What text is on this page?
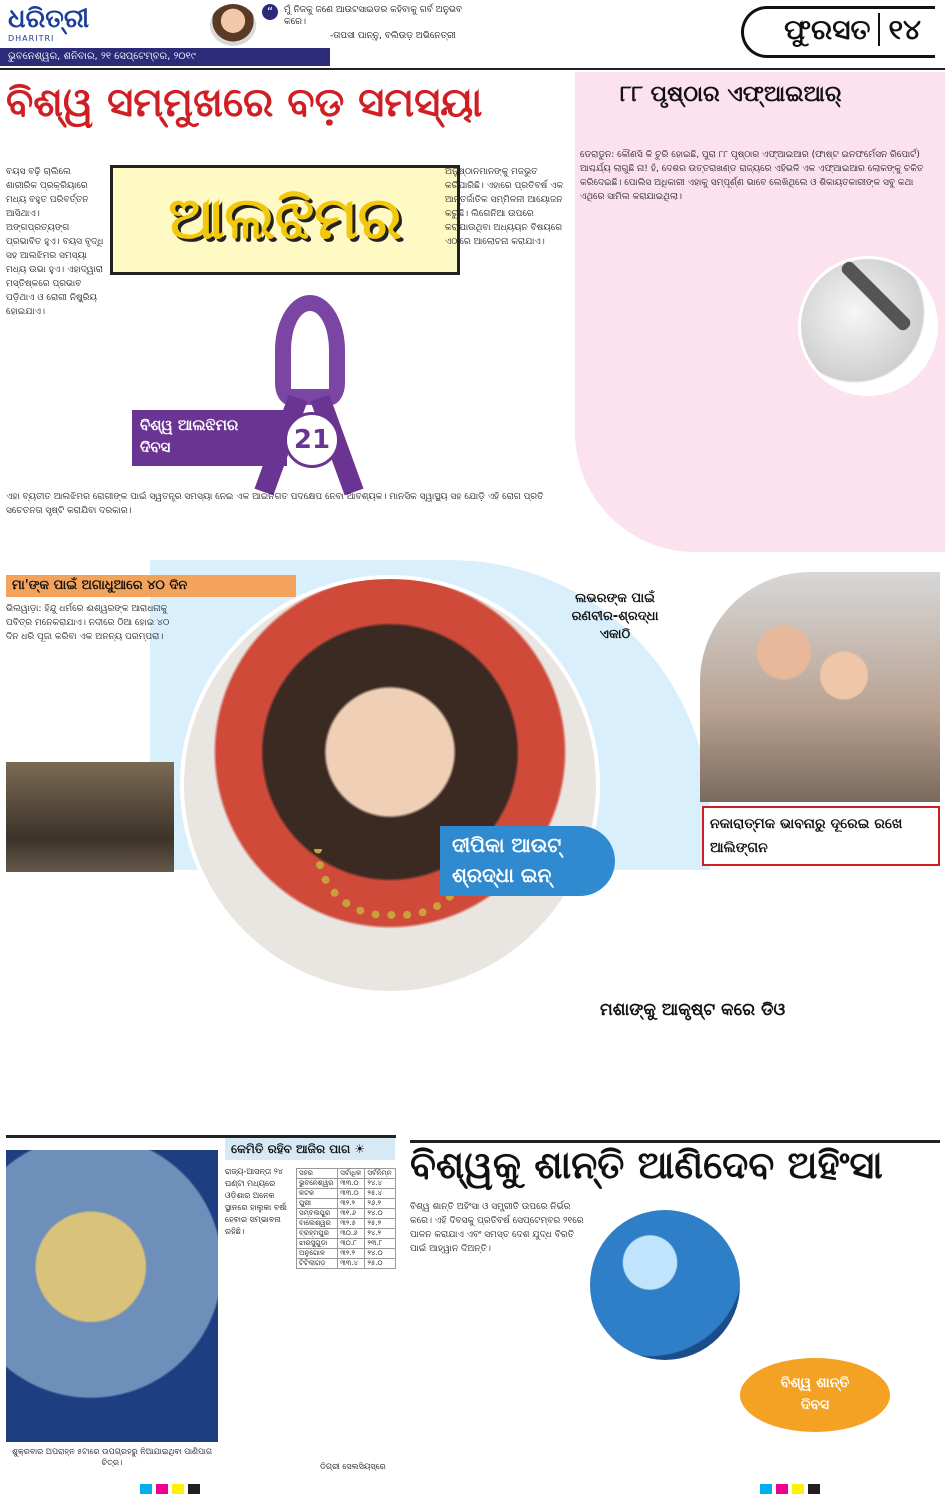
ଧରିତ୍ରୀ
DHARITRI
ଭୁବନେଶ୍ୱର, ଶନିବାର, ୨୧ ସେପ୍ଟେମ୍ବର, ୨୦୧୯
“	ମୁଁ ନିଜକୁ ଜଣେ ଆଉଟସାଇଡର କହିବାକୁ ଗର୍ବ ଅନୁଭବ କରେ।
-ତାପସୀ ପାନ୍ନୁ, ବଲିଉଡ଼ ଅଭିନେତ୍ରୀ	ଫୁରସତ ୧୪
୮୮ ପୃଷ୍ଠାର ଏଫ୍‌ଆଇଆର୍‌
ଡେରାଡୁନ: କୌଣସି କି ଚୁରି ହୋଇଛି, ପୁରା ୮୮ ପୃଷ୍ଠାର ଏଫ୍‌ଆଇଆର (ଫାଷ୍ଟ ଇନଫର୍ମେସନ ରିପୋର୍ଟ) ଆଶ୍ଚର୍ଯ୍ୟ ଲାଗୁଛି ନା! ହଁ, ଦେଶର ଉତ୍ତରାଖଣ୍ଡ ରାଜ୍ୟରେ ଏହିଭଳି ଏକ ଏଫ୍‌ଆଇଆର ଲୋକଙ୍କୁ ଚକିତ କରିଦେଇଛି। ପୋଲିସ ଅଧିକାରୀ ଏହାକୁ ସମ୍ପୂର୍ଣ୍ଣ ଭାବେ ଲେଖିଥିଲେ ଓ ଶିକାୟତକାରୀଙ୍କ ସବୁ କଥା ଏଥିରେ ସାମିଲ କରାଯାଇଥିଲା।
ବିଶ୍ୱ ସମ୍ମୁଖରେ ବଡ଼ ସମସ୍ୟା
ଆଲଝିମର
ବୟସ ବଢ଼ି ଚାଲିଲେ ଶାରୀରିକ ପ୍ରକ୍ରିୟାରେ ମଧ୍ୟ ବହୁତ ପରିବର୍ତ୍ତନ ଆସିଥାଏ। ଅଙ୍ଗପ୍ରତ୍ୟଙ୍ଗ ପ୍ରଭାବିତ ହୁଏ। ବୟସ ବୃଦ୍ଧି ସହ ଆଲଝିମର ସମସ୍ୟା ମଧ୍ୟ ଉଭା ହୁଏ। ଏହାଦ୍ୱାରା ମସ୍ତିଷ୍କରେ ପ୍ରଭାବ ପଡ଼ିଥାଏ ଓ ରୋଗୀ ନିଷ୍କ୍ରିୟ ହୋଇଯାଏ।
ଅନୁଷ୍ଠାନମାନଙ୍କୁ ମଜଭୁତ କରିପାରିଛି। ଏହାରେ ପ୍ରତିବର୍ଷ ଏକ ଆନ୍ତର୍ଜାତିକ ସମ୍ମିଳନୀ ଆୟୋଜନ କରୁଛି। ଲିଗେନିଆ ଉପରେ କରାଯାଉଥିବା ଅଧ୍ୟୟନ ବିଷୟରେ ଏଠାରେ ଆଲୋଚନା କରାଯାଏ।
ବିଶ୍ୱ ଆଲଝିମର
ଦିବସ	21
ଏହା ବ୍ୟତୀତ ଆଲଝିମର ରୋଗୀଙ୍କ ପାଇଁ ସ୍ୱତନ୍ତ୍ର ସମସ୍ୟା ନେଇ ଏକ ଆଇନଗତ ପଦକ୍ଷେପ ନେବା ଆବଶ୍ୟକ। ମାନସିକ ସ୍ୱାସ୍ଥ୍ୟ ସହ ଯୋଡ଼ି ଏହି ରୋଗ ପ୍ରତି ସଚେତନତା ସୃଷ୍ଟି କରାଯିବା ଦରକାର।
ମା'ଙ୍କ ପାଇଁ ଅଗାଧୁଆରେ ୪୦ ଦିନ
ଭିଲୱାଡ଼ା: ହିନ୍ଦୁ ଧର୍ମରେ ଈଶ୍ୱରଙ୍କ ଆରାଧନାକୁ ପବିତ୍ର ମନେକରାଯାଏ। ନଦୀରେ ଠିଆ ହୋଇ ୪୦ ଦିନ ଧରି ପୂଜା କରିବା ଏକ ଅନନ୍ୟ ପରମ୍ପରା।
ଲଭରଙ୍କ ପାଇଁ ରଣବୀର-ଶ୍ରଦ୍ଧା ଏକାଠି
ଦୀପିକା ଆଉଟ୍‌ ଶ୍ରଦ୍ଧା ଇନ୍‌
ନକାରାତ୍ମକ ଭାବନାରୁ ଦୂରେଇ ରଖେ ଆଲିଙ୍ଗନ
ମଶାଙ୍କୁ ଆକୃଷ୍ଟ କରେ ଡିଓ
ଶୁକ୍ରବାର ଅପରାହ୍ନ ୫ଟାରେ ଉପଗ୍ରହରୁ ନିଆଯାଇଥିବା ପାଣିପାଗ ଚିତ୍ର।
କେମିତି ରହିବ ଆଜିର ପାଗ ☀
ରାଜ୍ୟ-ଆସନ୍ତା ୨୪ ଘଣ୍ଟା ମଧ୍ୟରେ ଓଡ଼ିଶାର ଅନେକ ସ୍ଥାନରେ ହାଲୁକା ବର୍ଷା ହେବାର ସମ୍ଭାବନା ରହିଛି।
ସହର	ସର୍ବାଧିକ	ସର୍ବନିମ୍ନ
ଭୁବନେଶ୍ୱର	୩୩.୦	୨୪.୪
କଟକ	୩୩.୦	୨୫.୪
ପୁରୀ	୩୨.୨	୨୬.୨
ସମ୍ବଲପୁର	୩୧.୬	୨୪.୦
ବାଲେଶ୍ୱର	୩୨.୫	୨୫.୨
ବ୍ରହ୍ମପୁର	୩୦.୬	୨୪.୨
ଝାରସୁଗୁଡ଼ା	୩୦.୮	୨୩.୮
ଅନୁଗୋଳ	୩୨.୨	୨୪.୦
ଟିଟିଲାଗଡ଼	୩୩.୪	୨୫.୦
ଡିଗ୍ରୀ ସେଲସିୟସ୍‌ରେ
ବିଶ୍ୱକୁ ଶାନ୍ତି ଆଣିଦେବ ଅହିଂସା
ବିଶ୍ୱ ଶାନ୍ତି ଅହିଂସା ଓ ସମ୍ପ୍ରୀତି ଉପରେ ନିର୍ଭର କରେ। ଏହି ଦିବସକୁ ପ୍ରତିବର୍ଷ ସେପ୍ଟେମ୍ବର ୨୧ରେ ପାଳନ କରାଯାଏ ଏବଂ ସମସ୍ତ ଦେଶ ଯୁଦ୍ଧ ବିରତି ପାଇଁ ଆହ୍ୱାନ ଦିଅନ୍ତି।
ବିଶ୍ୱ ଶାନ୍ତି
ଦିବସ
